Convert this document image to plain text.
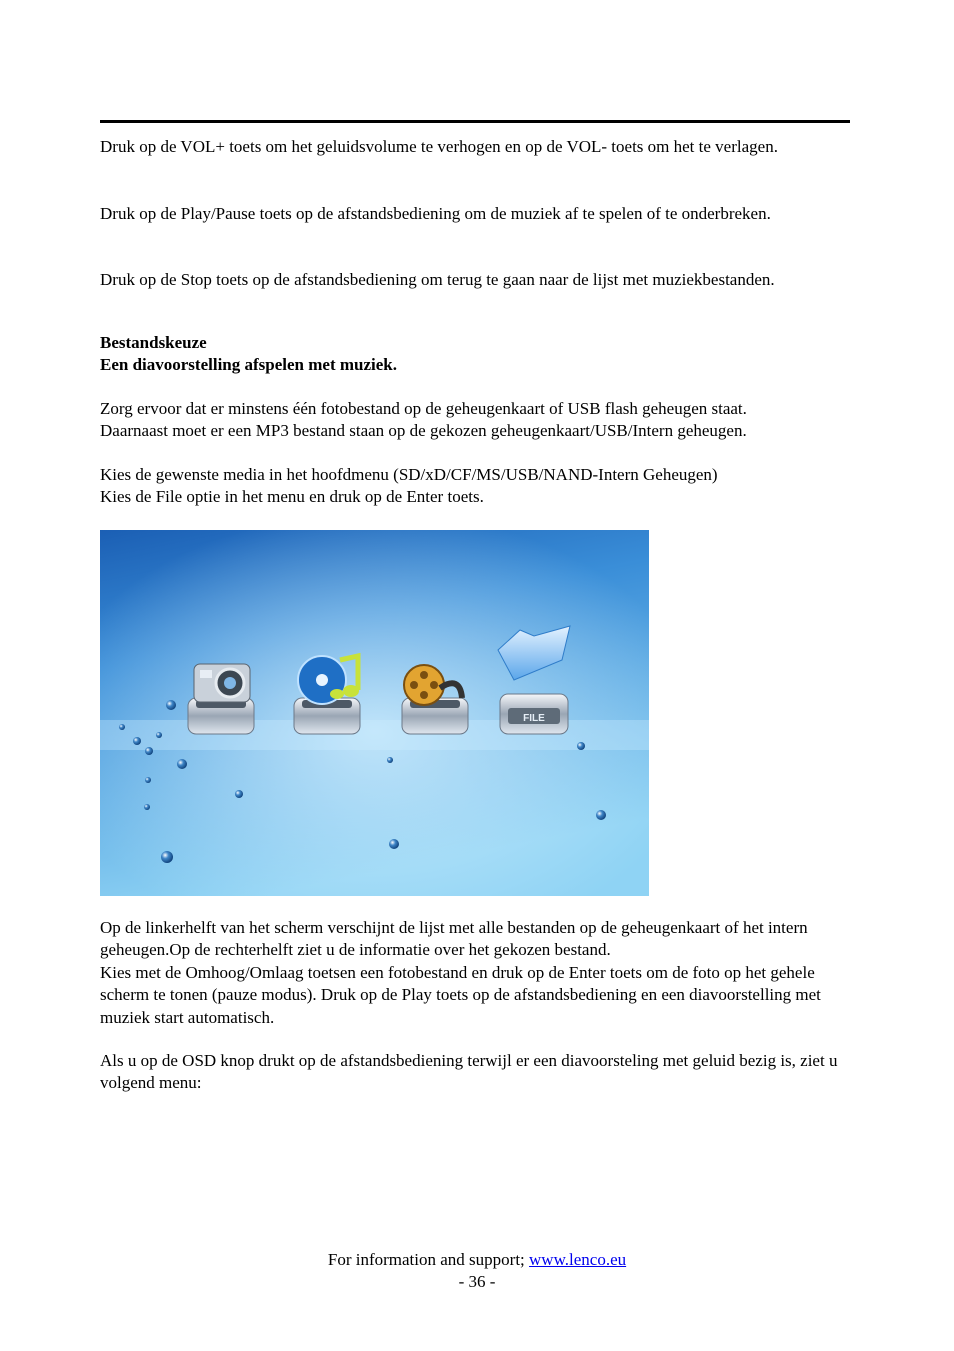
Druk op de VOL+ toets om het geluidsvolume te verhogen en op de VOL- toets om het te verlagen.

Druk op de Play/Pause toets op de afstandsbediening om de muziek af te spelen of te onderbreken.

Druk op de Stop toets op de afstandsbediening om terug te gaan naar de lijst met muziekbestanden.

Bestandskeuze

Een diavoorstelling afspelen met muziek.

Zorg ervoor dat er minstens één fotobestand op de geheugenkaart of USB flash geheugen staat.

Daarnaast moet er een MP3 bestand staan op de gekozen geheugenkaart/USB/Intern geheugen.

Kies de gewenste media in het hoofdmenu (SD/xD/CF/MS/USB/NAND-Intern Geheugen)

Kies de File optie in het menu en druk op de Enter toets.

FILE

Op de linkerhelft van het scherm verschijnt de lijst met alle bestanden op de geheugenkaart of het intern geheugen.Op de rechterhelft ziet u de informatie over het gekozen bestand.

Kies met de Omhoog/Omlaag toetsen een fotobestand en druk op de Enter toets om de foto op het gehele scherm te tonen (pauze modus). Druk op de Play toets op de afstandsbediening en een diavoorstelling met muziek start automatisch.

Als u op de OSD knop drukt op de afstandsbediening terwijl er een diavoorsteling met geluid bezig is, ziet u volgend menu:

For information and support; www.lenco.eu
- 36 -
